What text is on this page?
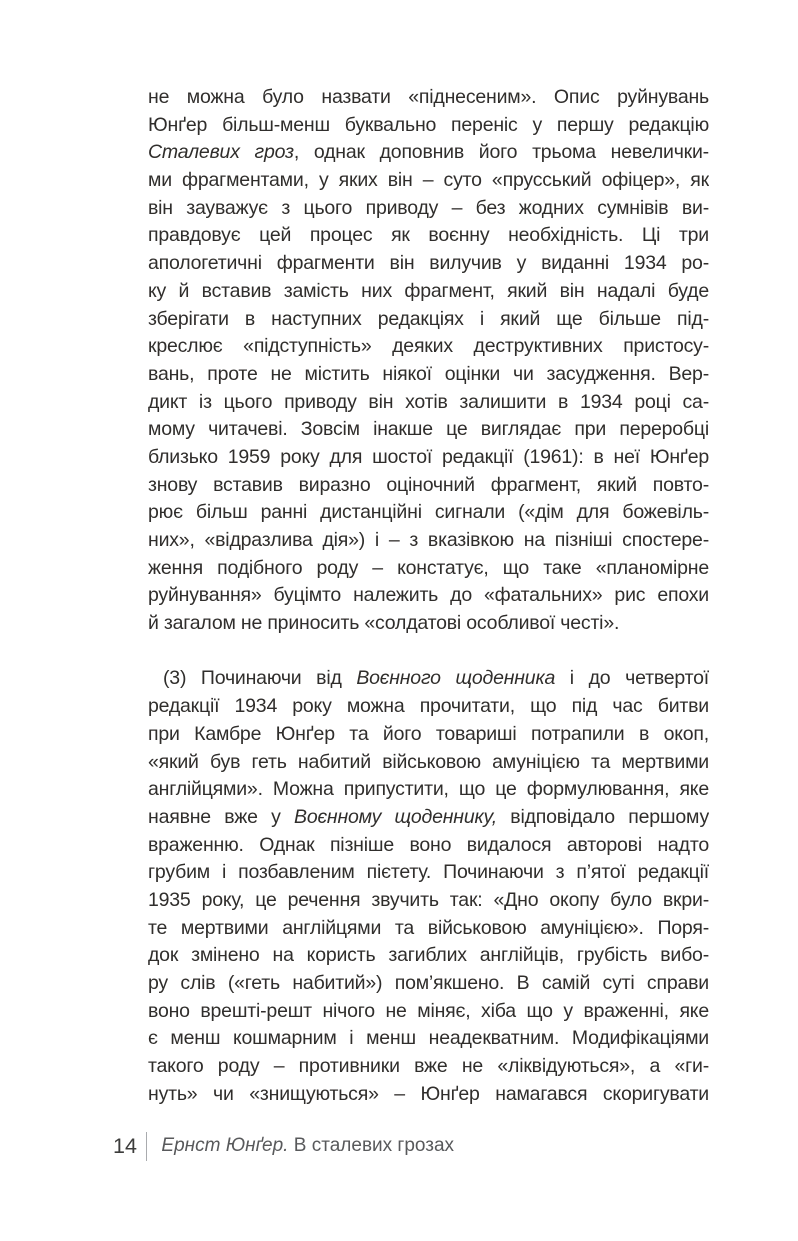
не можна було назвати «піднесеним». Опис руйнувань
Юнґер більш-менш буквально переніс у першу редакцію
Сталевих гроз, однак доповнив його трьома невелички-
ми фрагментами, у яких він – суто «прусський офіцер», як
він зауважує з цього приводу – без жодних сумнівів ви-
правдовує цей процес як воєнну необхідність. Ці три
апологетичні фрагменти він вилучив у виданні 1934 ро-
ку й вставив замість них фрагмент, який він надалі буде
зберігати в наступних редакціях і який ще більше під-
креслює «підступність» деяких деструктивних пристосу-
вань, проте не містить ніякої оцінки чи засудження. Вер-
дикт із цього приводу він хотів залишити в 1934 році са-
мому читачеві. Зовсім інакше це виглядає при переробці
близько 1959 року для шостої редакції (1961): в неї Юнґер
знову вставив виразно оціночний фрагмент, який повто-
рює більш ранні дистанційні сигнали («дім для божевіль-
них», «відразлива дія») і – з вказівкою на пізніші спостере-
ження подібного роду – констатує, що таке «планомірне
руйнування» буцімто належить до «фатальних» рис епохи
й загалом не приносить «солдатові особливої честі».
(3) Починаючи від Воєнного щоденника і до четвертої
редакції 1934 року можна прочитати, що під час битви
при Камбре Юнґер та його товариші потрапили в окоп,
«який був геть набитий військовою амуніцією та мертвими
англійцями». Можна припустити, що це формулювання, яке
наявне вже у Воєнному щоденнику, відповідало першому
враженню. Однак пізніше воно видалося авторові надто
грубим і позбавленим пієтету. Починаючи з п’ятої редакції
1935 року, це речення звучить так: «Дно окопу було вкри-
те мертвими англійцями та військовою амуніцією». Поря-
док змінено на користь загиблих англійців, грубість вибо-
ру слів («геть набитий») пом’якшено. В самій суті справи
воно врешті-решт нічого не міняє, хіба що у враженні, яке
є менш кошмарним і менш неадекватним. Модифікаціями
такого роду – противники вже не «ліквідуються», а «ги-
нуть» чи «знищуються» – Юнґер намагався скоригувати
14 Ернст Юнґер. В сталевих грозах
